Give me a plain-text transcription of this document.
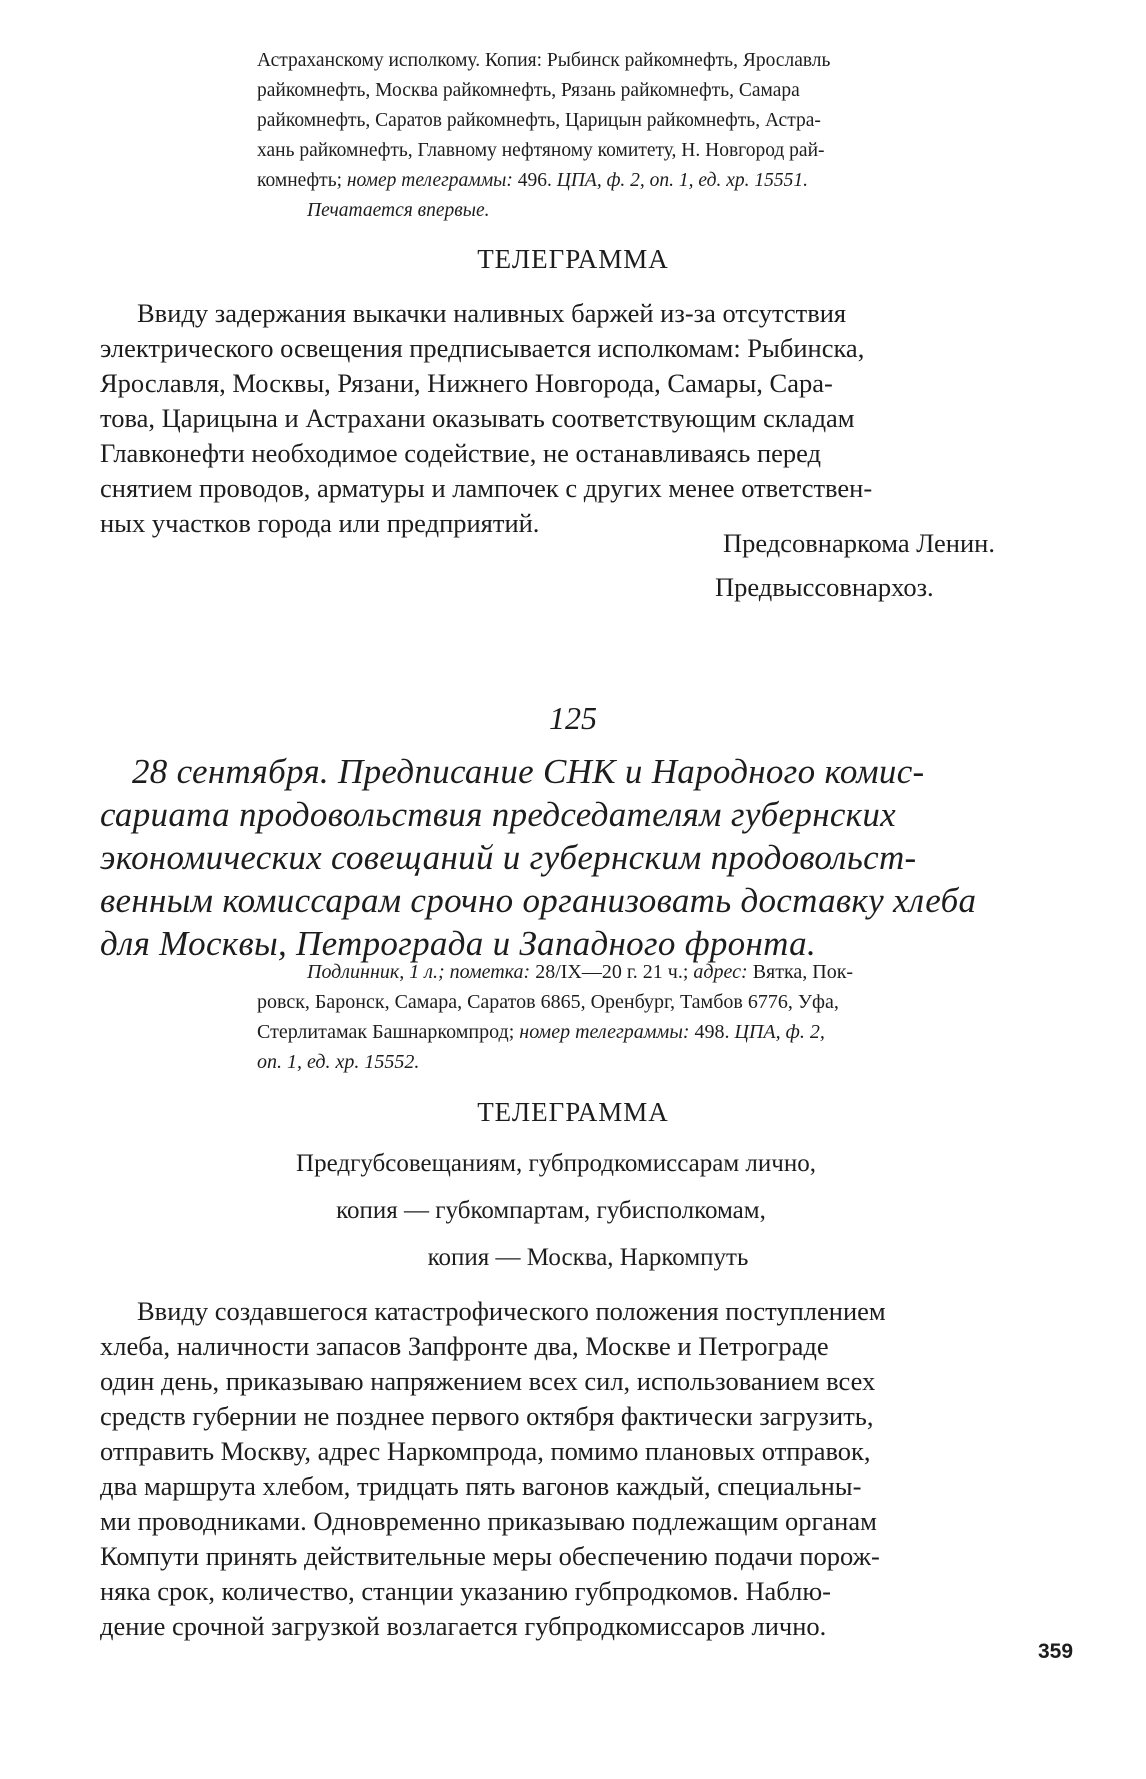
Астраханскому исполкому. Копия: Рыбинск райкомнефть, Ярославль
райкомнефть, Москва райкомнефть, Рязань райкомнефть, Самара
райкомнефть, Саратов райкомнефть, Царицын райкомнефть, Астра-
хань райкомнефть, Главному нефтяному комитету, Н. Новгород рай-
комнефть; номер телеграммы: 496. ЦПА, ф. 2, оп. 1, ед. хр. 15551.
Печатается впервые.
ТЕЛЕГРАММА
Ввиду задержания выкачки наливных баржей из-за отсутствия
электрического освещения предписывается исполкомам: Рыбинска,
Ярославля, Москвы, Рязани, Нижнего Новгорода, Самары, Сара-
това, Царицына и Астрахани оказывать соответствующим складам
Главконефти необходимое содействие, не останавливаясь перед
снятием проводов, арматуры и лампочек с других менее ответствен-
ных участков города или предприятий.
Предсовнаркома Ленин.
Предвыссовнархоз.
125
28 сентября. Предписание СНК и Народного комис-
сариата продовольствия председателям губернских
экономических совещаний и губернским продовольст-
венным комиссарам срочно организовать доставку хлеба
для Москвы, Петрограда и Западного фронта.
Подлинник, 1 л.; пометка: 28/IX—20 г. 21 ч.; адрес: Вятка, Пок-
ровск, Баронск, Самара, Саратов 6865, Оренбург, Тамбов 6776, Уфа,
Стерлитамак Башнаркомпрод; номер телеграммы: 498. ЦПА, ф. 2,
оп. 1, ед. хр. 15552.
ТЕЛЕГРАММА
Предгубсовещаниям, губпродкомиссарам лично,
копия — губкомпартам, губисполкомам,
копия — Москва, Наркомпуть
Ввиду создавшегося катастрофического положения поступлением
хлеба, наличности запасов Запфронте два, Москве и Петрограде
один день, приказываю напряжением всех сил, использованием всех
средств губернии не позднее первого октября фактически загрузить,
отправить Москву, адрес Наркомпрода, помимо плановых отправок,
два маршрута хлебом, тридцать пять вагонов каждый, специальны-
ми проводниками. Одновременно приказываю подлежащим органам
Компути принять действительные меры обеспечению подачи порож-
няка срок, количество, станции указанию губпродкомов. Наблю-
дение срочной загрузкой возлагается губпродкомиссаров лично.
359
